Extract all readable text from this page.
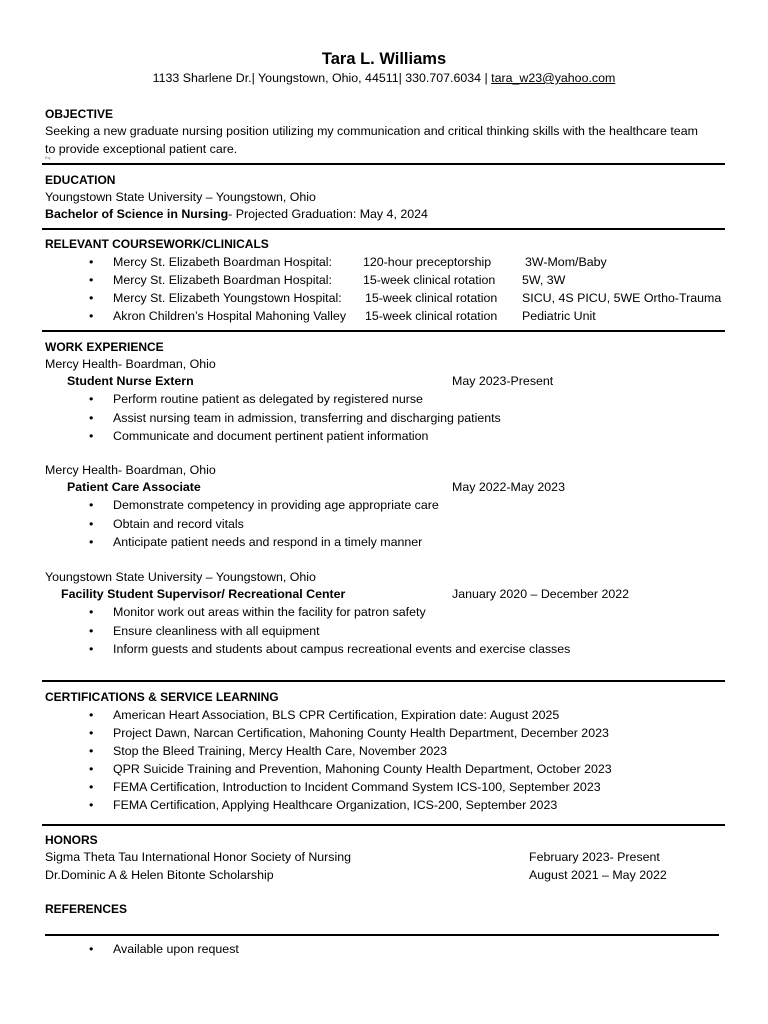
Tara L. Williams
1133 Sharlene Dr.| Youngstown, Ohio, 44511| 330.707.6034 | tara_w23@yahoo.com
OBJECTIVE
Seeking a new graduate nursing position utilizing my communication and critical thinking skills with the healthcare team
to provide exceptional patient care.
Eq.
EDUCATION
Youngstown State University – Youngstown, Ohio
Bachelor of Science in Nursing- Projected Graduation: May 4, 2024
RELEVANT COURSEWORK/CLINICALS
• Mercy St. Elizabeth Boardman Hospital:	120-hour preceptorship	3W-Mom/Baby
• Mercy St. Elizabeth Boardman Hospital:	15-week clinical rotation 5W, 3W
• Mercy St. Elizabeth Youngstown Hospital: 15-week clinical rotation SICU, 4S PICU, 5WE Ortho-Trauma
• Akron Children’s Hospital Mahoning Valley 15-week clinical rotation Pediatric Unit
WORK EXPERIENCE
Mercy Health- Boardman, Ohio
Student Nurse Extern	May 2023-Present
• Perform routine patient as delegated by registered nurse
• Assist nursing team in admission, transferring and discharging patients
• Communicate and document pertinent patient information
Mercy Health- Boardman, Ohio
Patient Care Associate	May 2022-May 2023
• Demonstrate competency in providing age appropriate care
• Obtain and record vitals
• Anticipate patient needs and respond in a timely manner
Youngstown State University – Youngstown, Ohio
Facility Student Supervisor/ Recreational Center	January 2020 – December 2022
• Monitor work out areas within the facility for patron safety
• Ensure cleanliness with all equipment
• Inform guests and students about campus recreational events and exercise classes
CERTIFICATIONS & SERVICE LEARNING
• American Heart Association, BLS CPR Certification, Expiration date: August 2025
• Project Dawn, Narcan Certification, Mahoning County Health Department, December 2023
• Stop the Bleed Training, Mercy Health Care, November 2023
• QPR Suicide Training and Prevention, Mahoning County Health Department, October 2023
• FEMA Certification, Introduction to Incident Command System ICS-100, September 2023
• FEMA Certification, Applying Healthcare Organization, ICS-200, September 2023
HONORS
Sigma Theta Tau International Honor Society of Nursing	February 2023- Present
Dr.Dominic A & Helen Bitonte Scholarship	August 2021 – May 2022
REFERENCES
• Available upon request
